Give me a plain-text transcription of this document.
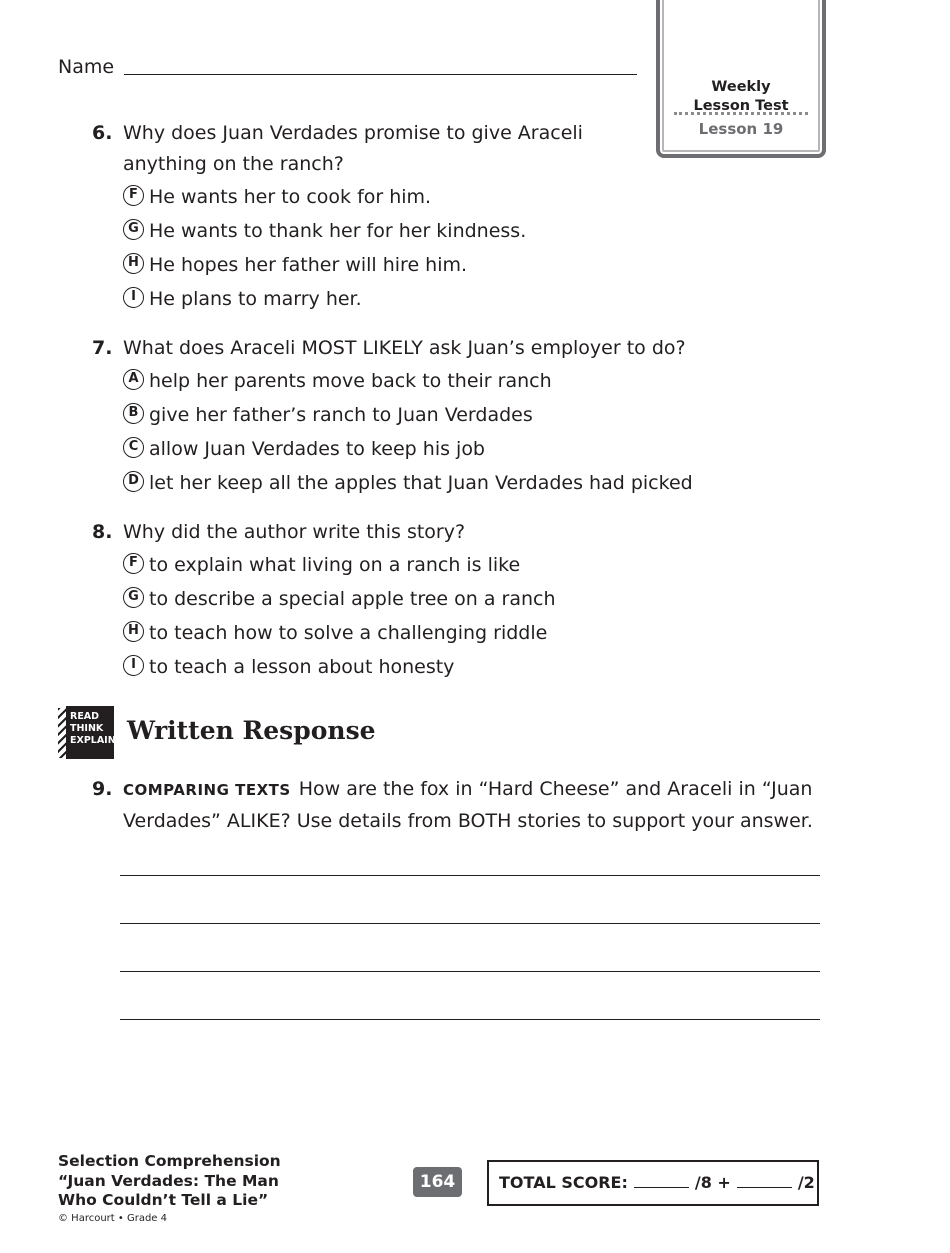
Name
Weekly
Lesson Test
Lesson 19
6. Why does Juan Verdades promise to give Araceli
anything on the ranch?
F He wants her to cook for him.
G He wants to thank her for her kindness.
H He hopes her father will hire him.
I He plans to marry her.
7. What does Araceli MOST LIKELY ask Juan’s employer to do?
A help her parents move back to their ranch
B give her father’s ranch to Juan Verdades
C allow Juan Verdades to keep his job
D let her keep all the apples that Juan Verdades had picked
8. Why did the author write this story?
F to explain what living on a ranch is like
G to describe a special apple tree on a ranch
H to teach how to solve a challenging riddle
I to teach a lesson about honesty
READ
THINK
EXPLAIN Written Response
9. COMPARING TEXTS How are the fox in “Hard Cheese” and Araceli in “Juan Verdades” ALIKE? Use details from BOTH stories to support your answer.
Selection Comprehension
“Juan Verdades: The Man
Who Couldn’t Tell a Lie”
© Harcourt • Grade 4
164	TOTAL SCORE:	/8 +	/2
